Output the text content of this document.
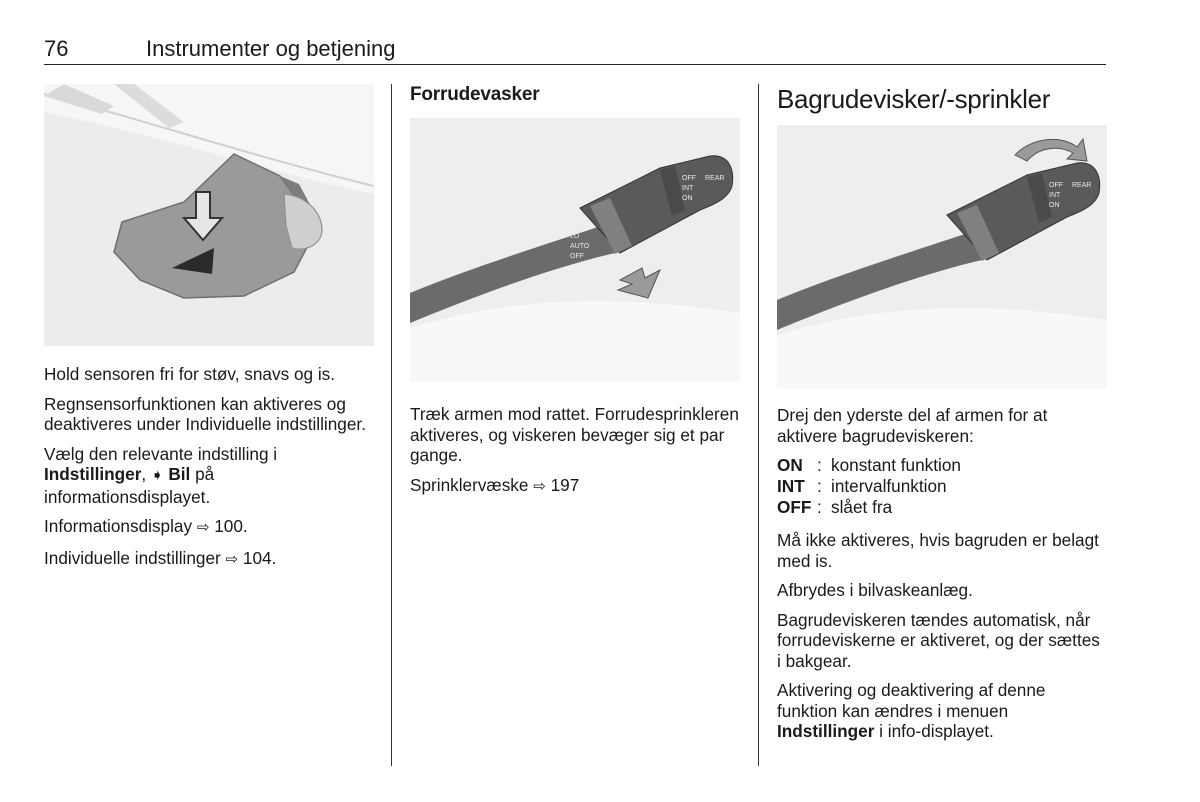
76	Instrumenter og betjening

Hold sensoren fri for støv, snavs og is.

Regnsensorfunktionen kan aktiveres og deaktiveres under Individuelle indstillinger.

Vælg den relevante indstilling i Indstillinger, ➧ Bil på informationsdisplayet.

Informationsdisplay ⇨ 100.

Individuelle indstillinger ⇨ 104.

Forrudevasker
OFF
INT
ON
REAR
LO
AUTO
OFF

Træk armen mod rattet. Forrudesprinkleren aktiveres, og viskeren bevæger sig et par gange.

Sprinklervæske ⇨ 197

Bagrudevisker/-sprinkler
OFF
INT
ON
REAR

Drej den yderste del af armen for at aktivere bagrudeviskeren:

ON : konstant funktion
INT : intervalfunktion
OFF : slået fra

Må ikke aktiveres, hvis bagruden er belagt med is.

Afbrydes i bilvaskeanlæg.

Bagrudeviskeren tændes automatisk, når forrudeviskerne er aktiveret, og der sættes i bakgear.

Aktivering og deaktivering af denne funktion kan ændres i menuen Indstillinger i info-displayet.
